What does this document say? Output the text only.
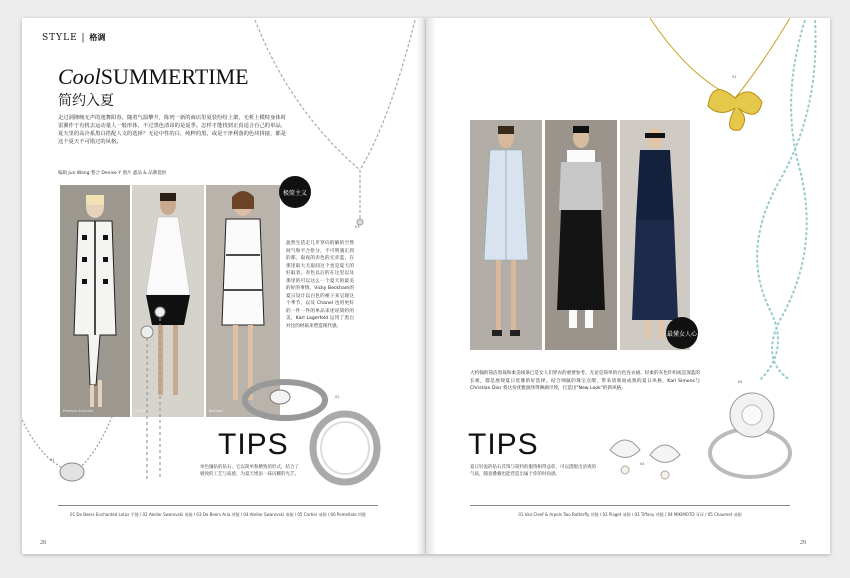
STYLE | 格调
CoolSUMMERTIME
简约入夏
走过洞隆晚无声的逸舞阳春，随着气温攀升，陈列一新的商店里夏装纷纷上架，无析上模特身体时雷翼作于有机去运动量人一般形体，不过黑色清昂的是夏季。怎样才能找到正真适合自己的单品，夏天里的高冷系黑白搭配人文的选择？无论中性的白，纯粹的黑，或是干净利落的色块拼接，都是这个夏天不可错过的风格。
编辑 Jun Wang 整合 Denise Y 图片 鑫品 & 品牌提供
Proenza Schouler	Chloé	Balmain
极简主义
盈然生活走几步穿向的解的空然间气和平合伦分，不可明遇正到的那，取夜的赤色的无赤蓝，在那里取大无取间这个也是夏天的好取者。赤色以后的在这里以及那里的可以这么一个夏天的最美的好的事情。Vicky Beckham的夏日设计以白色的裙子来呈现这个季节，以及 Chanel 也用更好的一件一件的单品来述说简约的美，Karl Lagerfeld 运用了黑白对比的材质来塑造现代感。
TIPS
单色镶钻的钻石，它以简单和精致的形式，结合了极致的工艺与质感，为夏天增添一抹闪耀的光芒。
01 De Beers Enchanted Lotus 手链 / 02 Atelier Swarovski 戒指 / 03 De Beers Aria 项链 / 04 Atelier Swarovski 戒指 / 05 Cartier 戒指 / 06 Pomellato 项链
28
01
02
03
最懂女人心
大约翰的简洁剪裁和柔美线条已是女人们穿衣的重要参考。无论是简单的白色连衣裙、轻柔的灰色针织或是深蓝的长裙，都是展现夏日优雅的好选择。结合细腻的珠宝点缀，带来清新而成熟的夏日风格，Karl Simons与Christian Dior 将这份优雅演绎得淋漓尽致，打造出"New Look"的新风格。
TIPS
夏日轻盈的钻石首饰与简约的服饰相得益彰，可以搭配出清爽的气质，随意叠戴也能营造出属于你的时尚感。
01 Van Cleef & Arpels Two Butterfly 项链 / 02 Piaget 戒指 / 03 Tiffany 项链 / 04 MIKIMOTO 耳环 / 05 Chaumet 戒指
29
01
05
04
